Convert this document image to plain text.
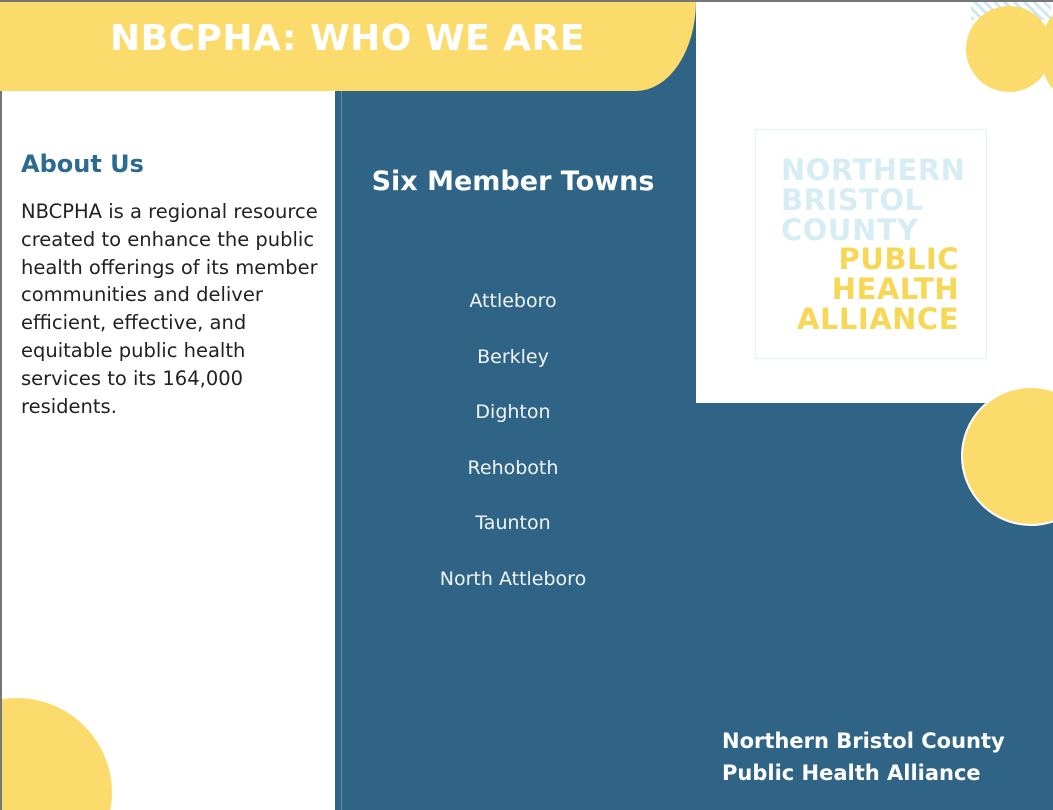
About Us
NBCPHA is a regional resource created to enhance the public health offerings of its member communities and deliver efficient, effective, and equitable public health services to its 164,000 residents.
Six Member Towns
Attleboro
Berkley
Dighton
Rehoboth
Taunton
North Attleboro
NORTHERN
BRISTOL
COUNTY
PUBLIC
HEALTH
ALLIANCE
Northern Bristol County
Public Health Alliance
NBCPHA: WHO WE ARE
